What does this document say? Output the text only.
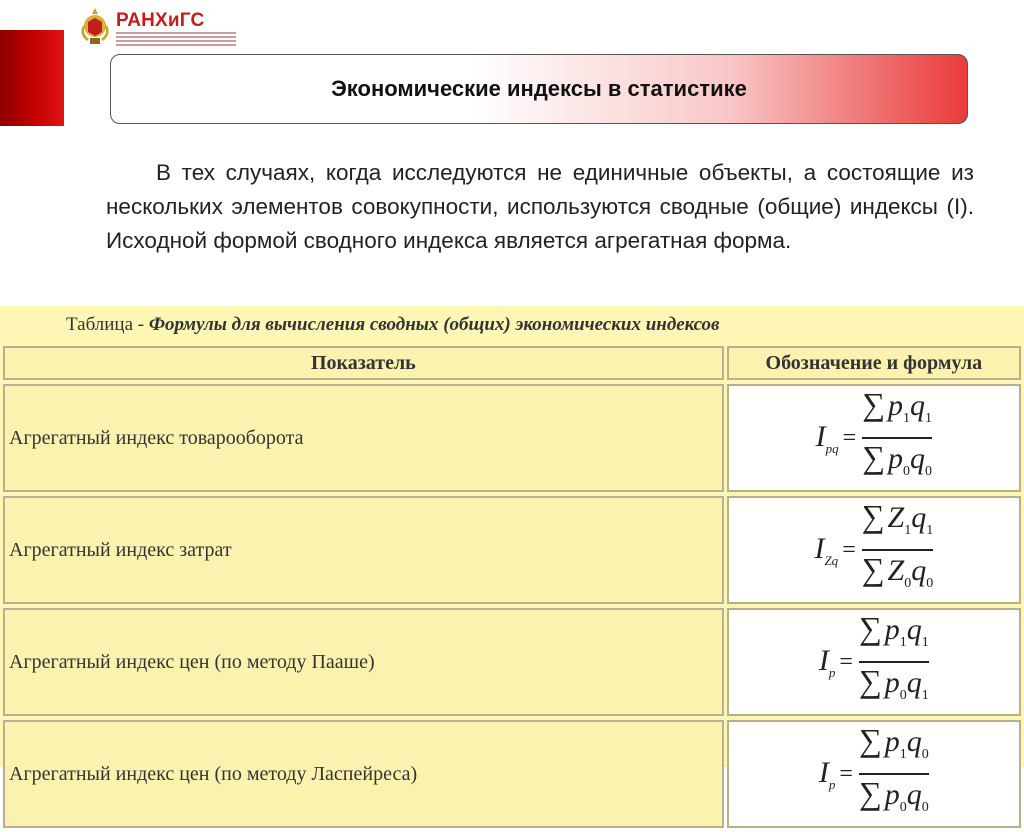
РАНХиГС
Экономические индексы в статистике
В тех случаях, когда исследуются не единичные объекты, а состоящие из нескольких элементов совокупности, используются сводные (общие) индексы (I). Исходной формой сводного индекса является агрегатная форма.
Таблица - Формулы для вычисления сводных (общих) экономических индексов
Показатель	Обозначение и формула
Агрегатный индекс товарооборота	$I_{pq} = \frac{\sum p_1q_1}{\sum p_0q_0}$

Агрегатный индекс затрат	$I_{Zq} = \frac{\sum Z_1q_1}{\sum Z_0q_0}$

Агрегатный индекс цен (по методу Пааше)	$I_p = \frac{\sum p_1q_1}{\sum p_0q_1}$

Агрегатный индекс цен (по методу Ласпейреса)	$I_p = \frac{\sum p_1q_0}{\sum p_0q_0}$
